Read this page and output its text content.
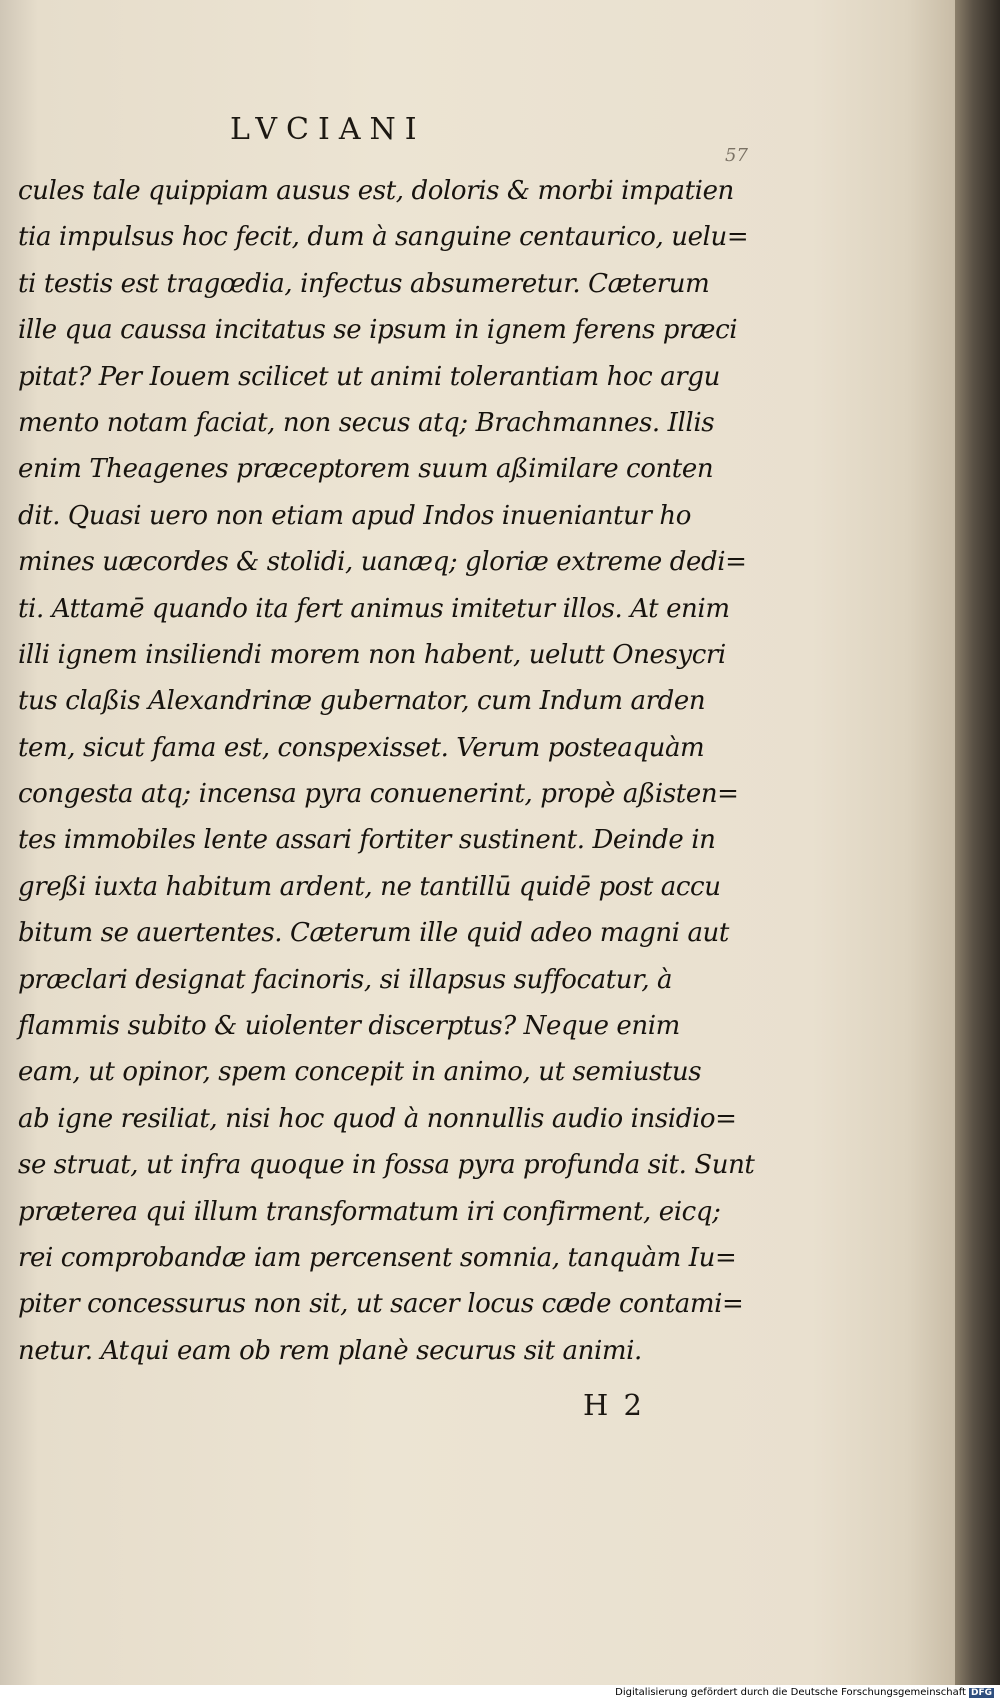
LVCIANI
57
cules tale quippiam ausus est, doloris & morbi impatien
tia impulsus hoc fecit, dum à sanguine centaurico, uelu=
ti testis est tragœdia, infectus absumeretur. Cæterum
ille qua caussa incitatus se ipsum in ignem ferens præci
pitat? Per Iouem scilicet ut animi tolerantiam hoc argu
mento notam faciat, non secus atq; Brachmannes. Illis
enim Theagenes præceptorem suum aßimilare conten
dit. Quasi uero non etiam apud Indos inueniantur ho
mines uæcordes & stolidi, uanæq; gloriæ extreme dedi=
ti. Attamē quando ita fert animus imitetur illos. At enim
illi ignem insiliendi morem non habent, uelutt Onesycri
tus claßis Alexandrinæ gubernator, cum Indum arden
tem, sicut fama est, conspexisset. Verum posteaquàm
congesta atq; incensa pyra conuenerint, propè aßisten=
tes immobiles lente assari fortiter sustinent. Deinde in
greßi iuxta habitum ardent, ne tantillū quidē post accu
bitum se auertentes. Cæterum ille quid adeo magni aut
præclari designat facinoris, si illapsus suffocatur, à
flammis subito & uiolenter discerptus? Neque enim
eam, ut opinor, spem concepit in animo, ut semiustus
ab igne resiliat, nisi hoc quod à nonnullis audio insidio=
se struat, ut infra quoque in fossa pyra profunda sit. Sunt
præterea qui illum transformatum iri confirment, eicq;
rei comprobandæ iam percensent somnia, tanquàm Iu=
piter concessurus non sit, ut sacer locus cæde contami=
netur. Atqui eam ob rem planè securus sit animi.
H 2
Digitalisierung gefördert durch die Deutsche Forschungsgemeinschaft DFG
